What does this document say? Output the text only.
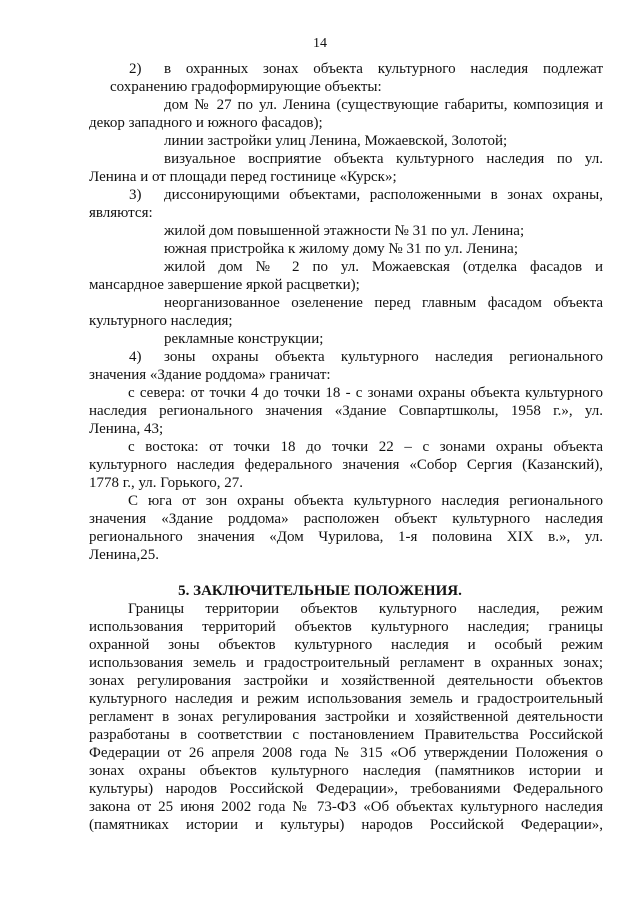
14
2) в охранных зонах объекта культурного наследия подлежат
сохранению градоформирующие объекты:
дом № 27 по ул. Ленина (существующие габариты, композиция и
декор западного и южного фасадов);
линии застройки улиц Ленина, Можаевской, Золотой;
визуальное восприятие объекта культурного наследия по ул.
Ленина и от площади перед гостинице «Курск»;
3) диссонирующими объектами, расположенными в зонах охраны,
являются:
жилой дом повышенной этажности № 31 по ул. Ленина;
южная пристройка к жилому дому № 31 по ул. Ленина;
жилой дом № 2 по ул. Можаевская (отделка фасадов и
мансардное завершение яркой расцветки);
неорганизованное озеленение перед главным фасадом объекта
культурного наследия;
рекламные конструкции;
4) зоны охраны объекта культурного наследия регионального
значения «Здание роддома» граничат:
с севера: от точки 4 до точки 18 - с зонами охраны объекта культурного
наследия регионального значения «Здание Совпартшколы, 1958 г.», ул.
Ленина, 43;
с востока: от точки 18 до точки 22 – с зонами охраны объекта
культурного наследия федерального значения «Собор Сергия (Казанский),
1778 г., ул. Горького, 27.
С юга от зон охраны объекта культурного наследия регионального
значения «Здание роддома» расположен объект культурного наследия
регионального значения «Дом Чурилова, 1-я половина XIX в.», ул.
Ленина,25.
5. ЗАКЛЮЧИТЕЛЬНЫЕ ПОЛОЖЕНИЯ.
Границы территории объектов культурного наследия, режим
использования территорий объектов культурного наследия; границы
охранной зоны объектов культурного наследия и особый режим
использования земель и градостроительный регламент в охранных зонах;
зонах регулирования застройки и хозяйственной деятельности объектов
культурного наследия и режим использования земель и градостроительный
регламент в зонах регулирования застройки и хозяйственной деятельности
разработаны в соответствии с постановлением Правительства Российской
Федерации от 26 апреля 2008 года № 315 «Об утверждении Положения о
зонах охраны объектов культурного наследия (памятников истории и
культуры) народов Российской Федерации», требованиями Федерального
закона от 25 июня 2002 года № 73-ФЗ «Об объектах культурного наследия
(памятниках истории и культуры) народов Российской Федерации»,
